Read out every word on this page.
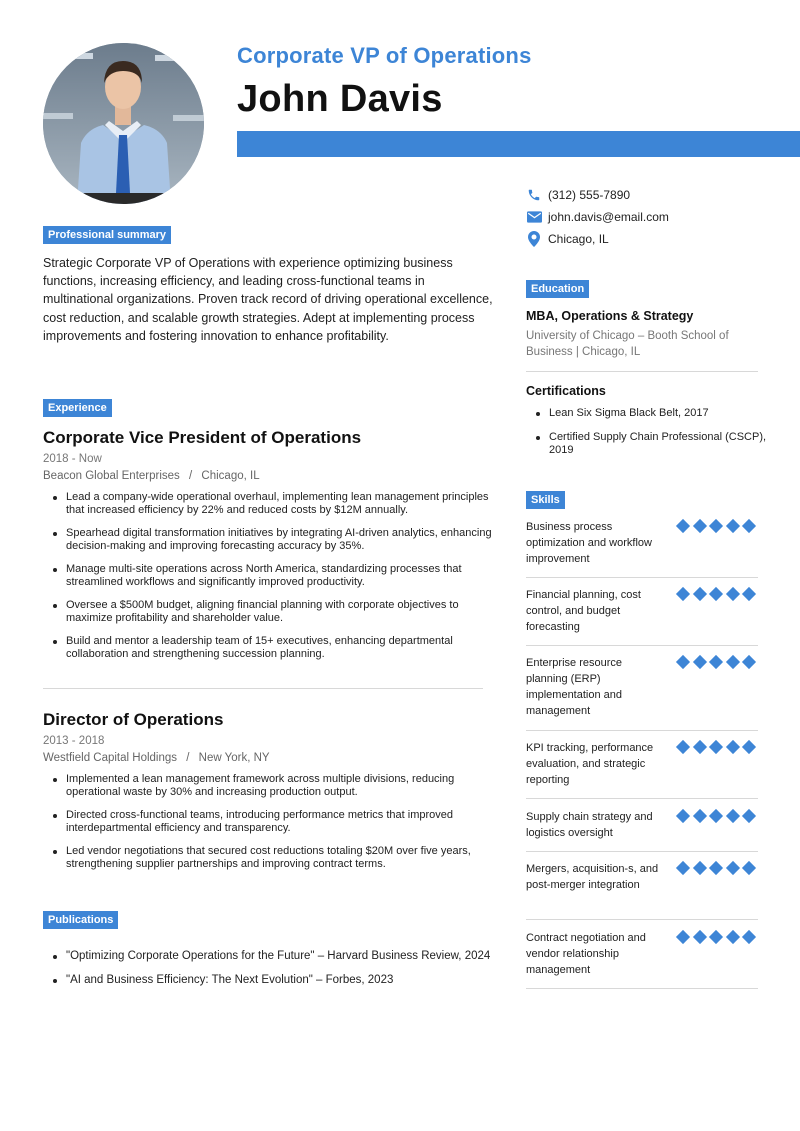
Corporate VP of Operations
John Davis
(312) 555-7890
john.davis@email.com
Chicago, IL
Professional summary

Strategic Corporate VP of Operations with experience optimizing business functions, increasing efficiency, and leading cross-functional teams in multinational organizations. Proven track record of driving operational excellence, cost reduction, and scalable growth strategies. Adept at implementing process improvements and fostering innovation to enhance profitability.

Experience
Corporate Vice President of Operations
2018 - Now
Beacon Global Enterprises / Chicago, IL
Lead a company-wide operational overhaul, implementing lean management principles that increased efficiency by 22% and reduced costs by $12M annually.
Spearhead digital transformation initiatives by integrating AI-driven analytics, enhancing decision-making and improving forecasting accuracy by 35%.
Manage multi-site operations across North America, standardizing processes that streamlined workflows and significantly improved productivity.
Oversee a $500M budget, aligning financial planning with corporate objectives to maximize profitability and shareholder value.
Build and mentor a leadership team of 15+ executives, enhancing departmental collaboration and strengthening succession planning.
Director of Operations
2013 - 2018
Westfield Capital Holdings / New York, NY
Implemented a lean management framework across multiple divisions, reducing operational waste by 30% and increasing production output.
Directed cross-functional teams, introducing performance metrics that improved interdepartmental efficiency and transparency.
Led vendor negotiations that secured cost reductions totaling $20M over five years, strengthening supplier partnerships and improving contract terms.
Publications
"Optimizing Corporate Operations for the Future" – Harvard Business Review, 2024
"AI and Business Efficiency: The Next Evolution" – Forbes, 2023
Education
MBA, Operations & Strategy
University of Chicago – Booth School of Business | Chicago, IL
Certifications
Lean Six Sigma Black Belt, 2017
Certified Supply Chain Professional (CSCP), 2019
Skills
Business process optimization and workflow improvement
Financial planning, cost control, and budget forecasting
Enterprise resource planning (ERP) implementation and management
KPI tracking, performance evaluation, and strategic reporting
Supply chain strategy and logistics oversight
Mergers, acquisition-s, and post-merger integration
Contract negotiation and vendor relationship management
